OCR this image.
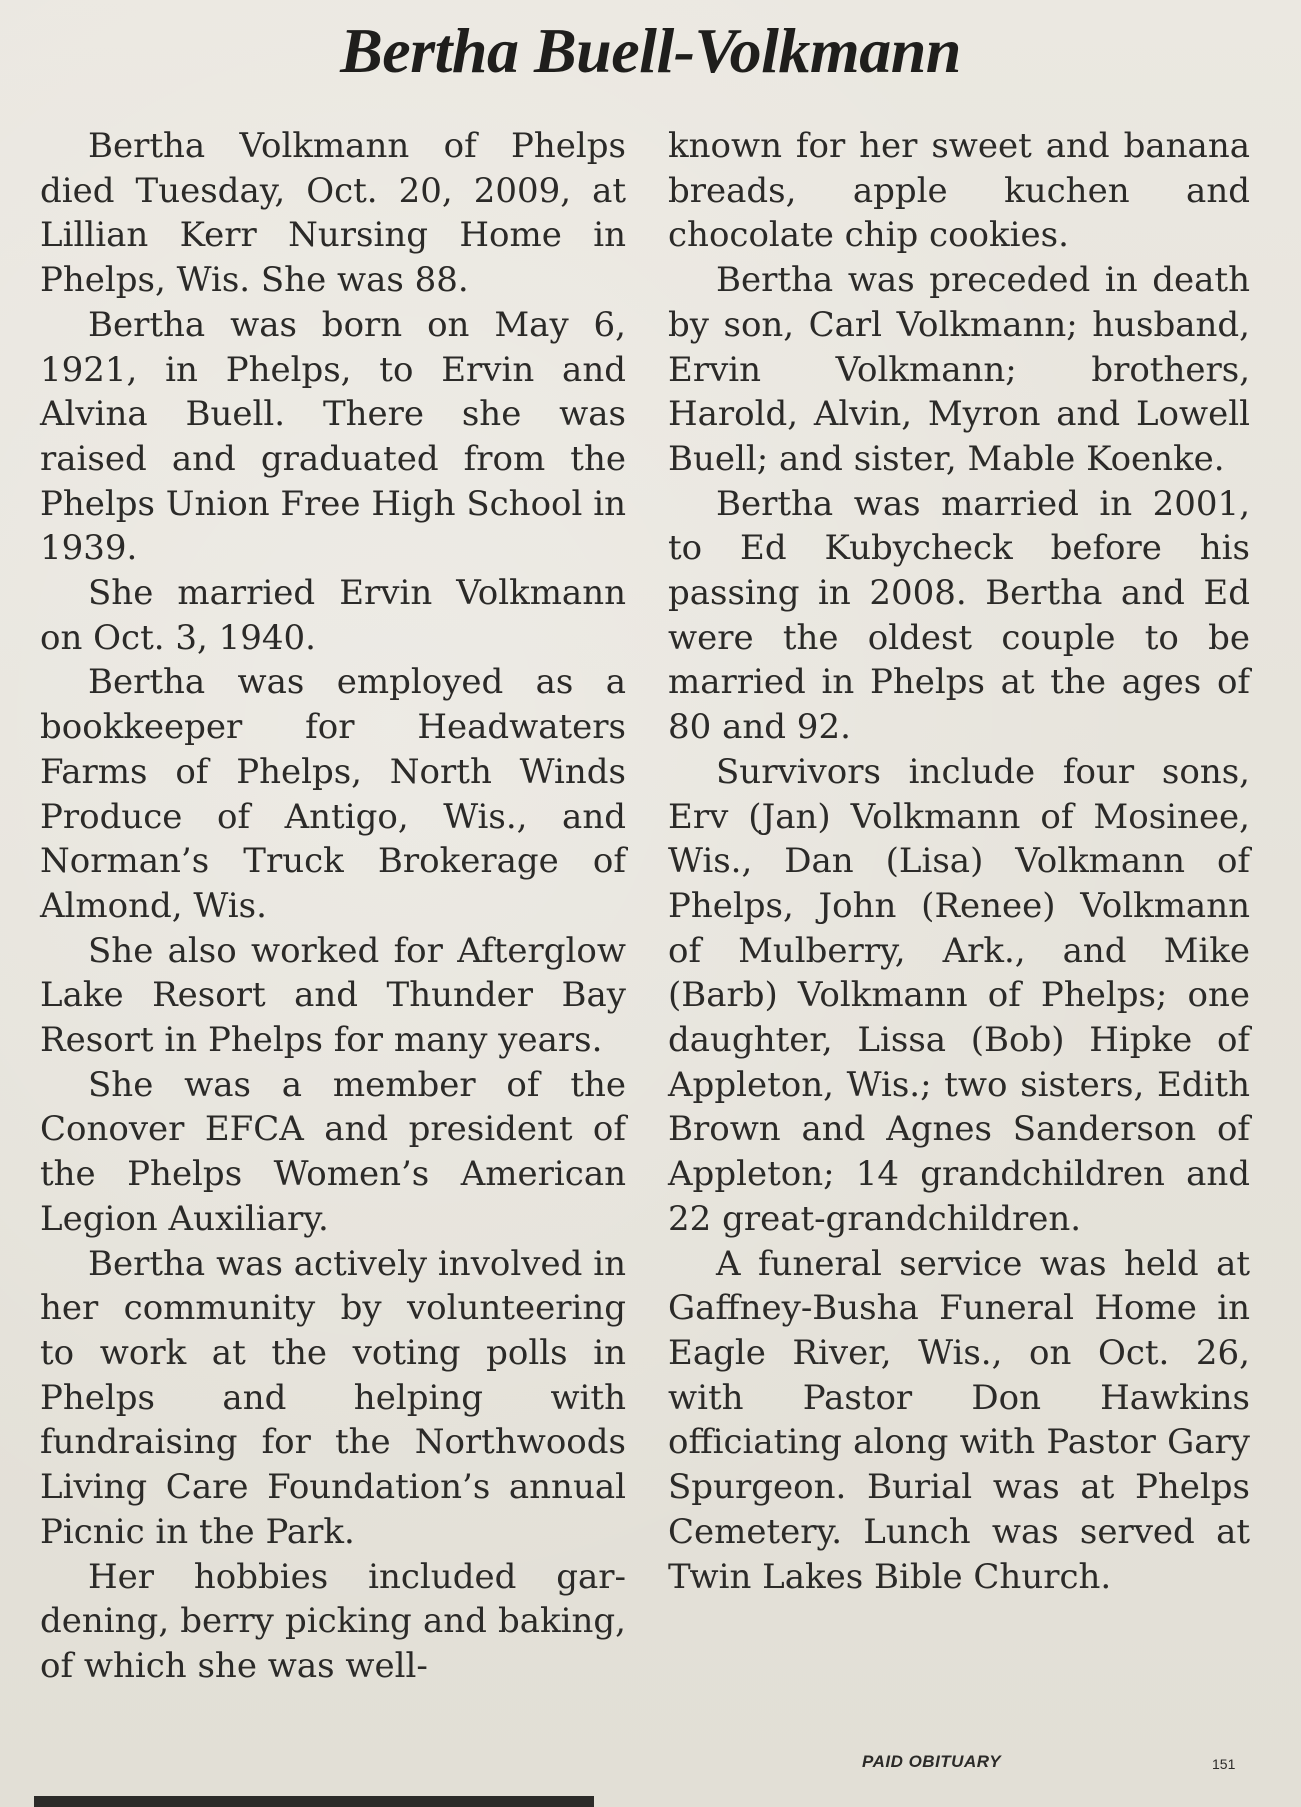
Bertha Buell-Volkmann

Bertha Volkmann of Phelps died Tuesday, Oct. 20, 2009, at Lillian Kerr Nursing Home in Phelps, Wis. She was 88.

Bertha was born on May 6, 1921, in Phelps, to Ervin and Alvina Buell. There she was raised and graduated from the Phelps Union Free High School in 1939.

She married Ervin Volkmann on Oct. 3, 1940.

Bertha was employed as a bookkeeper for Headwaters Farms of Phelps, North Winds Produce of Antigo, Wis., and Norman’s Truck Brokerage of Almond, Wis.

She also worked for Afterglow Lake Resort and Thunder Bay Resort in Phelps for many years.

She was a member of the Conover EFCA and president of the Phelps Women’s American Legion Auxiliary.

Bertha was actively involved in her community by volunteering to work at the voting polls in Phelps and helping with fundraising for the Northwoods Living Care Foundation’s annual Picnic in the Park.

Her hobbies included gardening, berry picking and baking, of which she was well-

known for her sweet and banana breads, apple kuchen and chocolate chip cookies.

Bertha was preceded in death by son, Carl Volkmann; husband, Ervin Volkmann; brothers, Harold, Alvin, Myron and Lowell Buell; and sister, Mable Koenke.

Bertha was married in 2001, to Ed Kubycheck before his passing in 2008. Bertha and Ed were the oldest couple to be married in Phelps at the ages of 80 and 92.

Survivors include four sons, Erv (Jan) Volkmann of Mosinee, Wis., Dan (Lisa) Volkmann of Phelps, John (Renee) Volkmann of Mulberry, Ark., and Mike (Barb) Volkmann of Phelps; one daughter, Lissa (Bob) Hipke of Appleton, Wis.; two sisters, Edith Brown and Agnes Sanderson of Appleton; 14 grandchildren and 22 great-grandchildren.

A funeral service was held at Gaffney-Busha Funeral Home in Eagle River, Wis., on Oct. 26, with Pastor Don Hawkins officiating along with Pastor Gary Spurgeon. Burial was at Phelps Cemetery. Lunch was served at Twin Lakes Bible Church.

PAID OBITUARY	151
